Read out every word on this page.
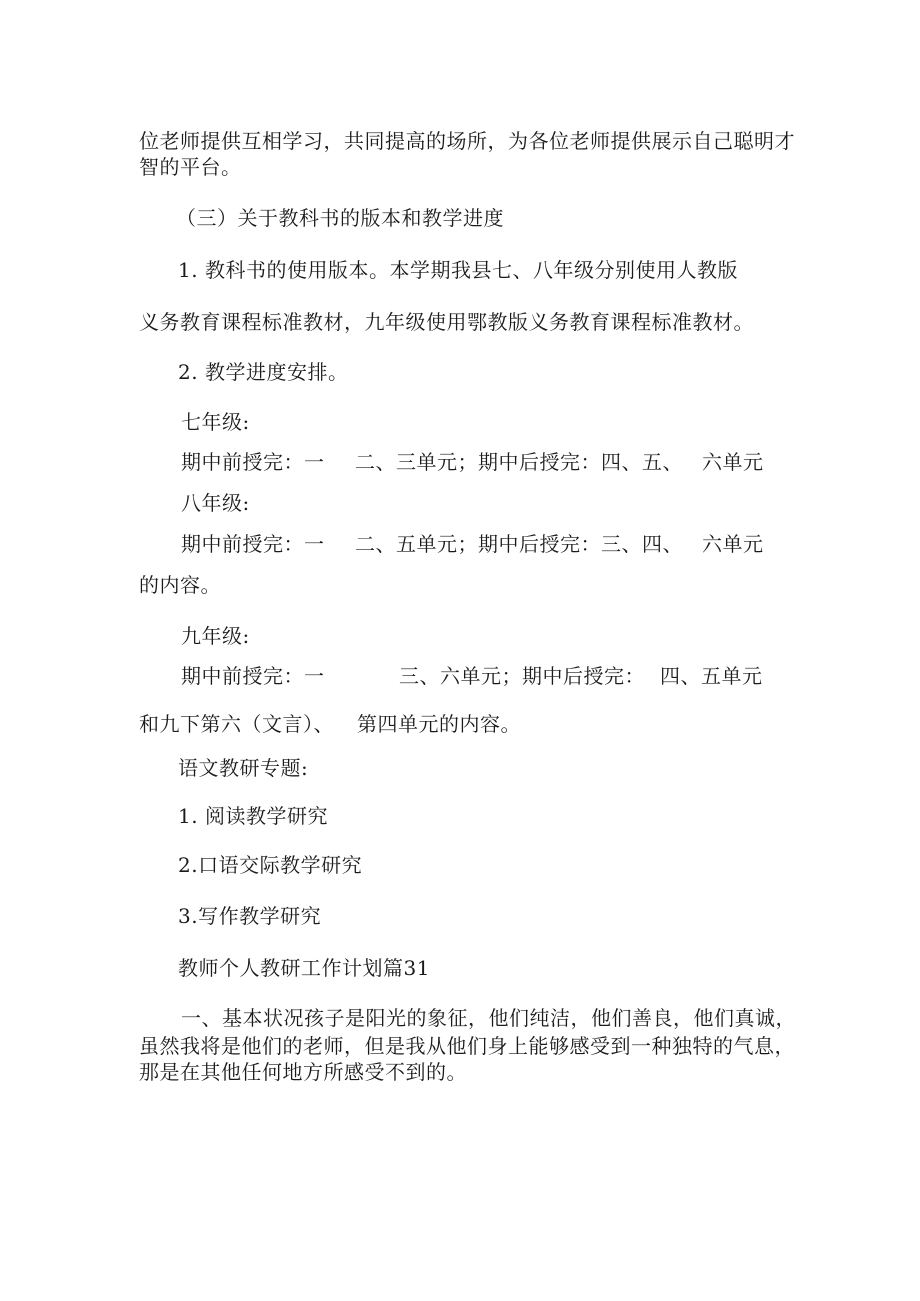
位老师提供互相学习，共同提高的场所，为各位老师提供展示自己聪明才
智的平台。
（三）关于教科书的版本和教学进度
1. 教科书的使用版本。本学期我县七、八年级分别使用人教版
义务教育课程标准教材，九年级使用鄂教版义务教育课程标准教材。
2. 教学进度安排。
七年级:
期中前授完：一 二、三单元；期中后授完：四、五、 六单元
八年级:
期中前授完：一 二、五单元；期中后授完：三、四、 六单元
的内容。
九年级:
期中前授完：一	三、六单元；期中后授完： 四、五单元
和九下第六（文言）、 第四单元的内容。
语文教研专题:
1. 阅读教学研究
2.口语交际教学研究
3.写作教学研究
教师个人教研工作计划篇31
一、基本状况孩子是阳光的象征，他们纯洁，他们善良，他们真诚，
虽然我将是他们的老师，但是我从他们身上能够感受到一种独特的气息，
那是在其他任何地方所感受不到的。
